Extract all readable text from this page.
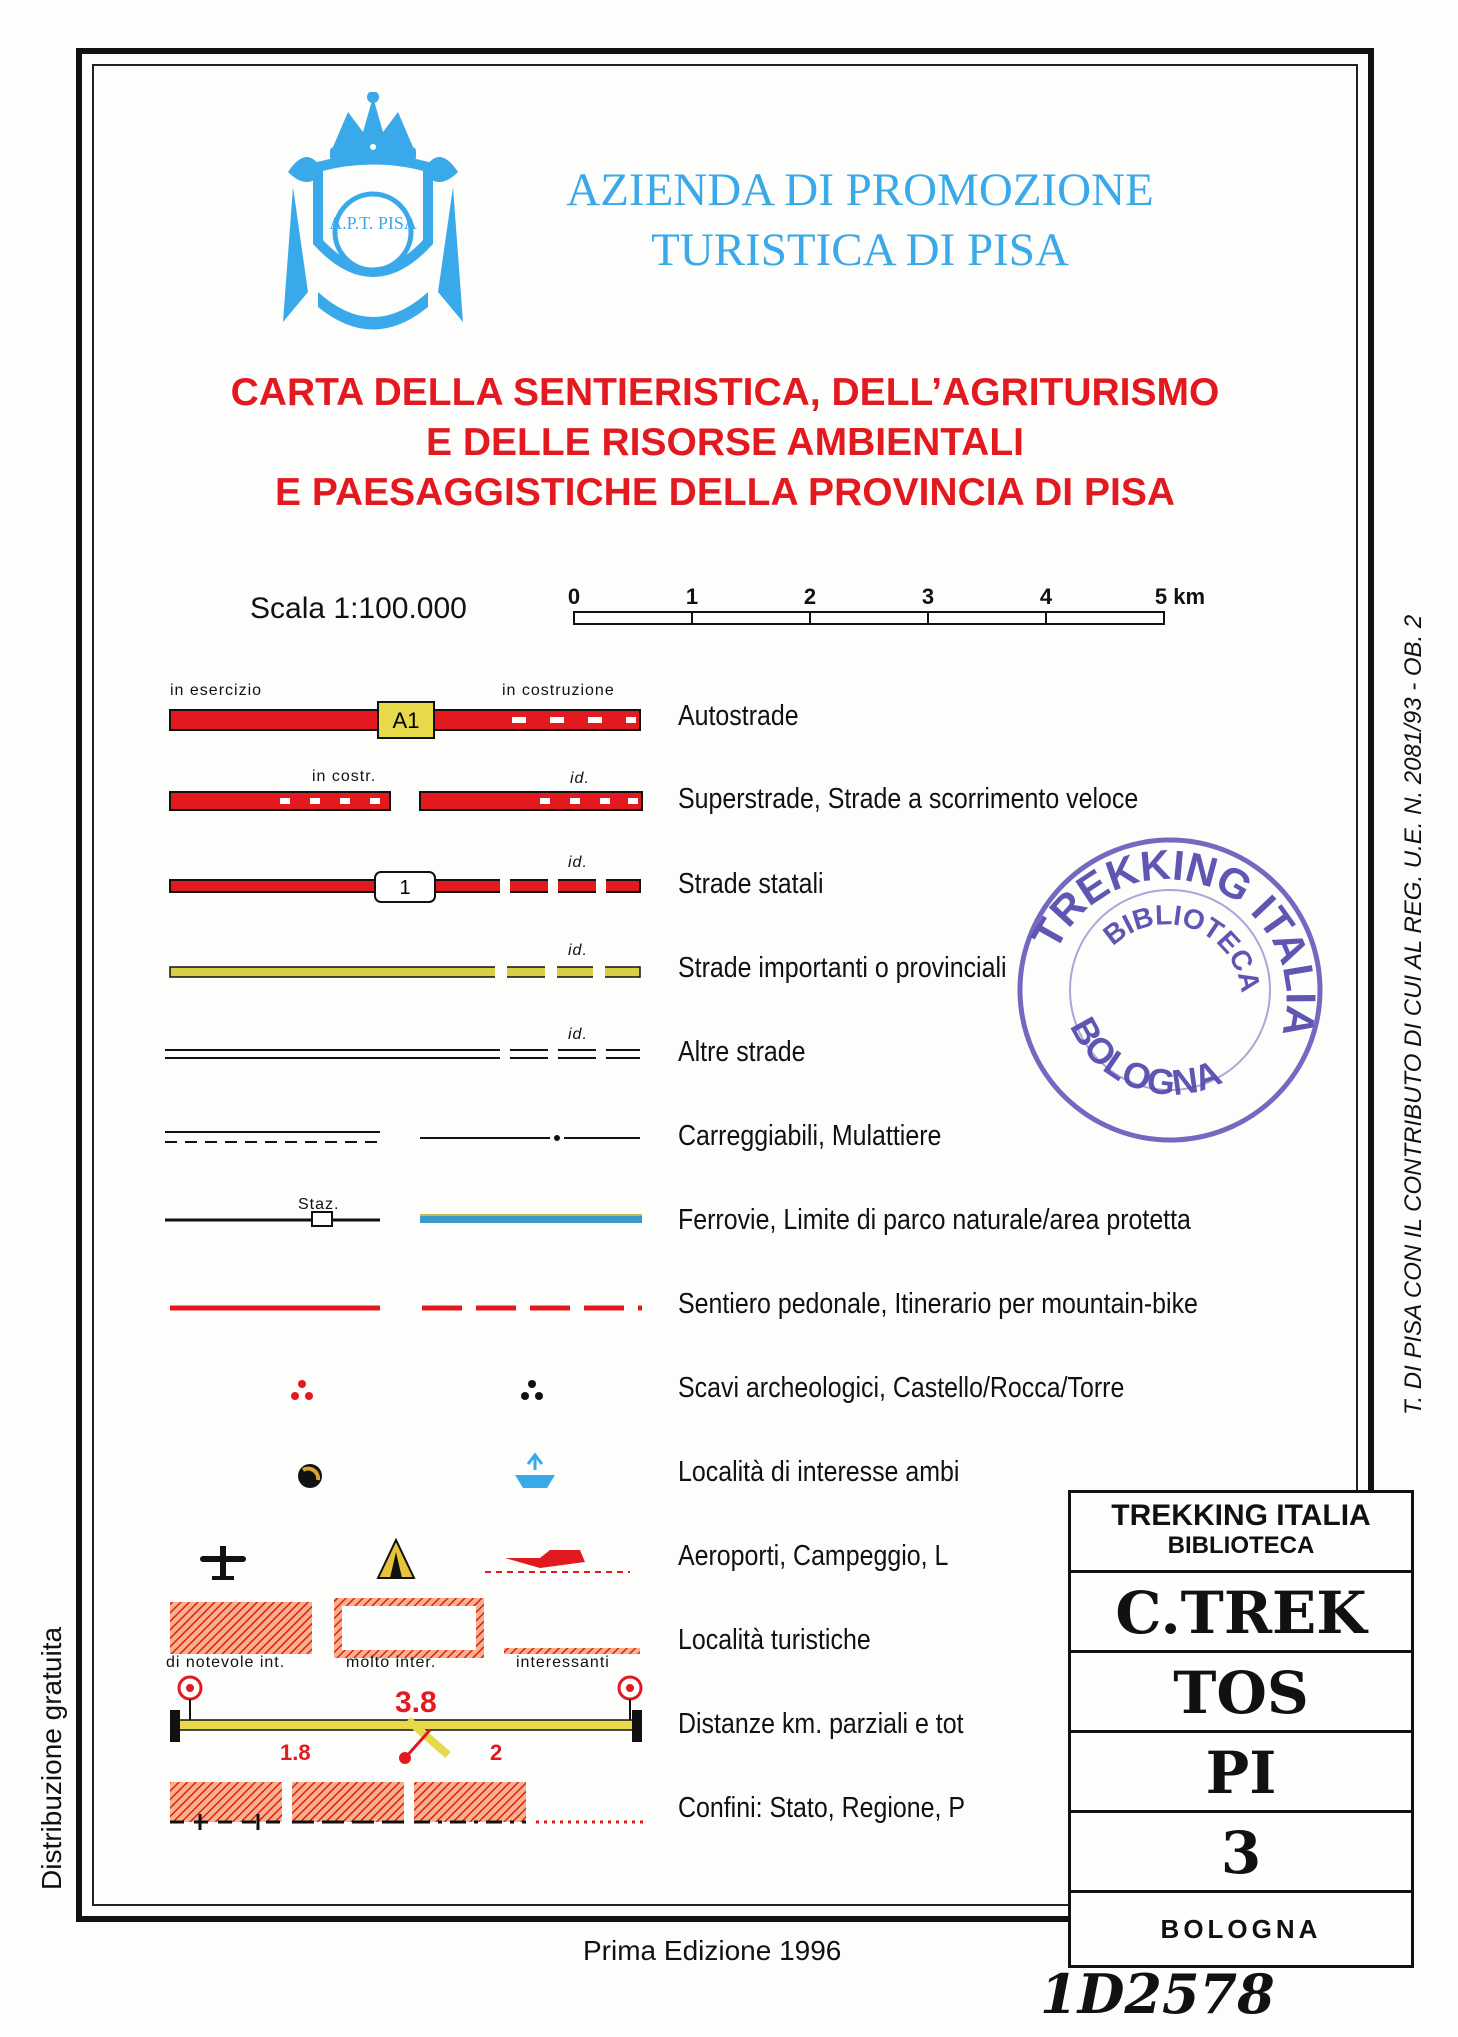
A.P.T. PISA
AZIENDA DI PROMOZIONE
TURISTICA DI PISA
CARTA DELLA SENTIERISTICA, DELL’AGRITURISMO
E DELLE RISORSE AMBIENTALI
E PAESAGGISTICHE DELLA PROVINCIA DI PISA
Scala 1:100.000	0	1	2	3	4	5 km
A1
1
3.8
1.8	2
in esercizio	in costruzione
in costr.	id.
id.
id.
id.
Staz.
di notevole int.	molto inter.	interessanti
Autostrade
Superstrade, Strade a scorrimento veloce
Strade statali
Strade importanti o provinciali
Altre strade
Carreggiabili, Mulattiere
Ferrovie, Limite di parco naturale/area protetta
Sentiero pedonale, Itinerario per mountain-bike
Scavi archeologici, Castello/Rocca/Torre
Località di interesse ambi
Aeroporti, Campeggio, L
Località turistiche
Distanze km. parziali e tot
Confini: Stato, Regione, P
TREKKING ITALIA
BIBLIOTECA
BOLOGNA
Distribuzione gratuita
T. DI PISA CON IL CONTRIBUTO DI CUI AL REG. U.E. N. 2081/93 - OB. 2
Prima Edizione 1996
TREKKING ITALIA
BIBLIOTECA
C.TREK
TOS
PI
3
BOLOGNA
1D2578
